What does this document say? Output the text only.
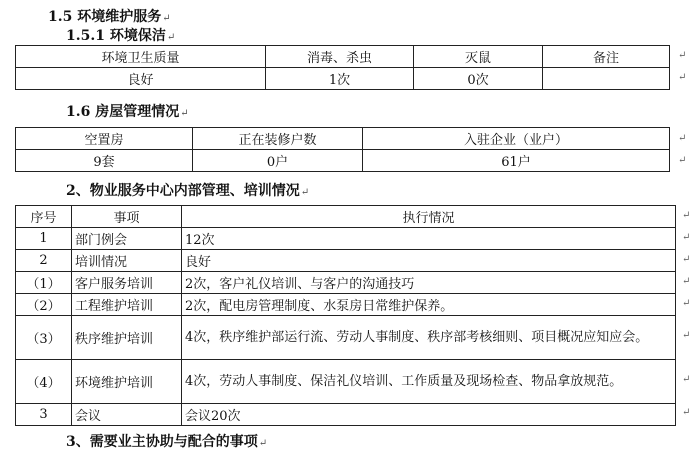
1.5 环境维护服务↵
1.5.1 环境保洁↵
环境卫生质量	消毒、杀虫	灭鼠	备注
良好	1次	0次	
1.6 房屋管理情况↵
空置房	正在装修户数	入驻企业（业户）
9套	0户	61户
2、物业服务中心内部管理、培训情况↵
序号	事项	执行情况
1	部门例会	12次
2	培训情况	良好
（1）	客户服务培训	2次，客户礼仪培训、与客户的沟通技巧
（2）	工程维护培训	2次，配电房管理制度、水泵房日常维护保养。
（3）	秩序维护培训	4次，秩序维护部运行流、劳动人事制度、秩序部考核细则、项目概况应知应会。
（4）	环境维护培训	4次，劳动人事制度、保洁礼仪培训、工作质量及现场检查、物品拿放规范。
3	会议	会议20次
3、需要业主协助与配合的事项↵
↵
↵
↵
↵
↵
↵
↵
↵
↵
↵
↵
↵
